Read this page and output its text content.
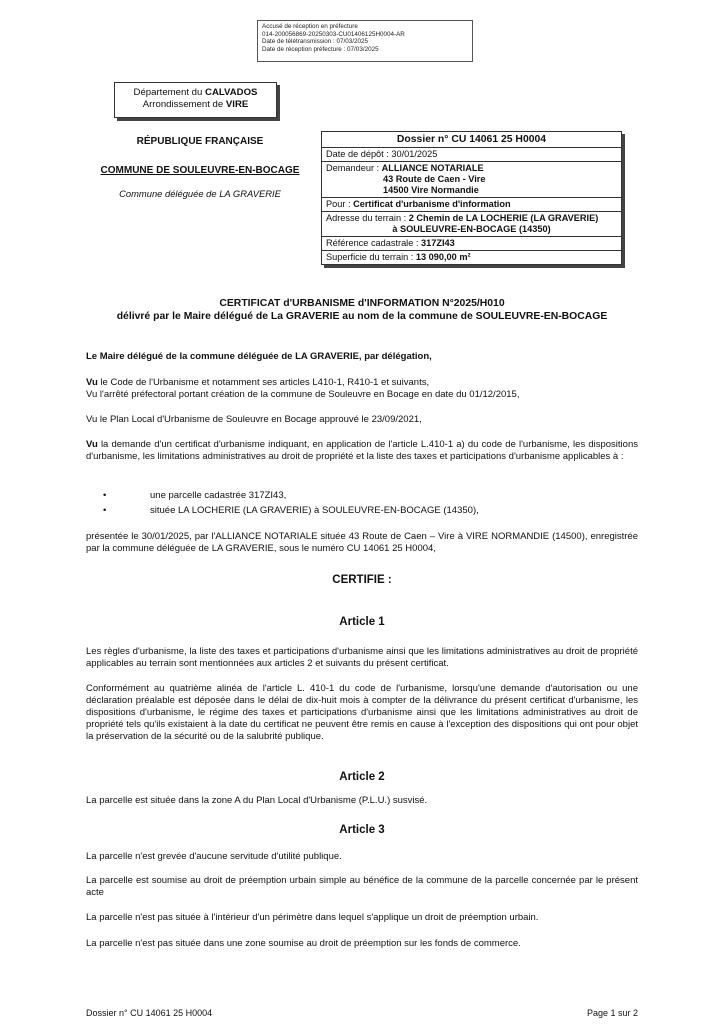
Accusé de réception en préfecture
014-200056869-20250303-CU01406125H0004-AR
Date de télétransmission : 07/03/2025
Date de réception préfecture : 07/03/2025
Département du CALVADOS
Arrondissement de VIRE
RÉPUBLIQUE FRANÇAISE
COMMUNE DE SOULEUVRE-EN-BOCAGE
Commune déléguée de LA GRAVERIE
Dossier n° CU 14061 25 H0004
Date de dépôt : 30/01/2025
Demandeur : ALLIANCE NOTARIALE
43 Route de Caen - Vire
14500 Vire Normandie
Pour : Certificat d'urbanisme d'information
Adresse du terrain : 2 Chemin de LA LOCHERIE (LA GRAVERIE)
à SOULEUVRE-EN-BOCAGE (14350)
Référence cadastrale : 317ZI43
Superficie du terrain : 13 090,00 m²
CERTIFICAT d'URBANISME d'INFORMATION N°2025/H010
délivré par le Maire délégué de La GRAVERIE au nom de la commune de SOULEUVRE-EN-BOCAGE
Le Maire délégué de la commune déléguée de LA GRAVERIE, par délégation,
Vu le Code de l'Urbanisme et notamment ses articles L410-1, R410-1 et suivants,
Vu l'arrêté préfectoral portant création de la commune de Souleuvre en Bocage en date du 01/12/2015,
Vu le Plan Local d'Urbanisme de Souleuvre en Bocage approuvé le 23/09/2021,
Vu la demande d'un certificat d'urbanisme indiquant, en application de l'article L.410-1 a) du code de l'urbanisme, les dispositions d'urbanisme, les limitations administratives au droit de propriété et la liste des taxes et participations d'urbanisme applicables à :
•	une parcelle cadastrée 317ZI43,
•	située LA LOCHERIE (LA GRAVERIE) à SOULEUVRE-EN-BOCAGE (14350),
présentée le 30/01/2025, par l'ALLIANCE NOTARIALE située 43 Route de Caen – Vire à VIRE NORMANDIE (14500), enregistrée par la commune déléguée de LA GRAVERIE, sous le numéro CU 14061 25 H0004,
CERTIFIE :
Article 1
Les règles d'urbanisme, la liste des taxes et participations d'urbanisme ainsi que les limitations administratives au droit de propriété applicables au terrain sont mentionnées aux articles 2 et suivants du présent certificat.
Conformément au quatrième alinéa de l'article L. 410-1 du code de l'urbanisme, lorsqu'une demande d'autorisation ou une déclaration préalable est déposée dans le délai de dix-huit mois à compter de la délivrance du présent certificat d'urbanisme, les dispositions d'urbanisme, le régime des taxes et participations d'urbanisme ainsi que les limitations administratives au droit de propriété tels qu'ils existaient à la date du certificat ne peuvent être remis en cause à l'exception des dispositions qui ont pour objet la préservation de la sécurité ou de la salubrité publique.
Article 2
La parcelle est située dans la zone A du Plan Local d'Urbanisme (P.L.U.) susvisé.
Article 3
La parcelle n'est grevée d'aucune servitude d'utilité publique.
La parcelle est soumise au droit de préemption urbain simple au bénéfice de la commune de la parcelle concernée par le présent acte
La parcelle n'est pas située à l'intérieur d'un périmètre dans lequel s'applique un droit de préemption urbain.
La parcelle n'est pas située dans une zone soumise au droit de préemption sur les fonds de commerce.
Dossier n° CU 14061 25 H0004	Page 1 sur 2
